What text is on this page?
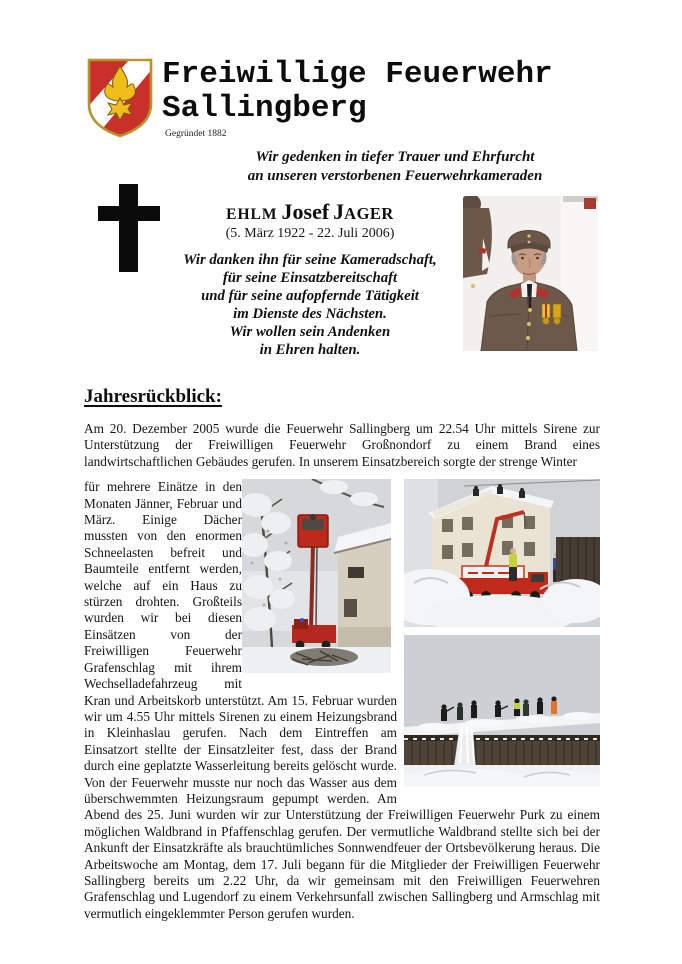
Freiwillige Feuerwehr
Sallingberg
Gegründet 1882
Wir gedenken in tiefer Trauer und Ehrfurcht
an unseren verstorbenen Feuerwehrkameraden
EHLM Josef JAGER
(5. März 1922 - 22. Juli 2006)
Wir danken ihn für seine Kameradschaft,
für seine Einsatzbereitschaft
und für seine aufopfernde Tätigkeit
im Dienste des Nächsten.
Wir wollen sein Andenken
in Ehren halten.
Jahresrückblick:

Am 20. Dezember 2005 wurde die Feuerwehr Sallingberg um 22.54 Uhr mittels Sirene zur Unterstützung der Freiwilligen Feuerwehr Großnondorf zu einem Brand eines landwirtschaftlichen Gebäudes gerufen. In unserem Einsatzbereich sorgte der strenge Winter

für mehrere Einätze in den Monaten Jänner, Februar und März. Einige Dächer mussten von den enormen Schneelasten befreit und Baumteile entfernt werden, welche auf ein Haus zu stürzen drohten. Großteils wurden wir bei diesen Einsätzen von der Freiwilligen Feuerwehr Grafenschlag mit ihrem Wechselladefahrzeug mit Kran und Arbeitskorb unterstützt. Am 15. Februar wurden wir um 4.55 Uhr mittels Sirenen zu einem Heizungsbrand in Kleinhaslau gerufen. Nach dem Eintreffen am Einsatzort stellte der Einsatzleiter fest, dass der Brand durch eine geplatzte Wasserleitung bereits gelöscht wurde. Von der Feuerwehr musste nur noch das Wasser aus dem überschwemmten Heizungsraum gepumpt werden. Am Abend des 25. Juni wurden wir zur Unterstützung der Freiwilligen Feuerwehr Purk zu einem möglichen Waldbrand in Pfaffenschlag gerufen. Der vermutliche Waldbrand stellte sich bei der Ankunft der Einsatzkräfte als brauchtümliches Sonnwendfeuer der Ortsbevölkerung heraus. Die Arbeitswoche am Montag, dem 17. Juli begann für die Mitglieder der Freiwilligen Feuerwehr Sallingberg bereits um 2.22 Uhr, da wir gemeinsam mit den Freiwilligen Feuerwehren Grafenschlag und Lugendorf zu einem Verkehrsunfall zwischen Sallingberg und Armschlag mit vermutlich eingeklemmter Person gerufen wurden.
